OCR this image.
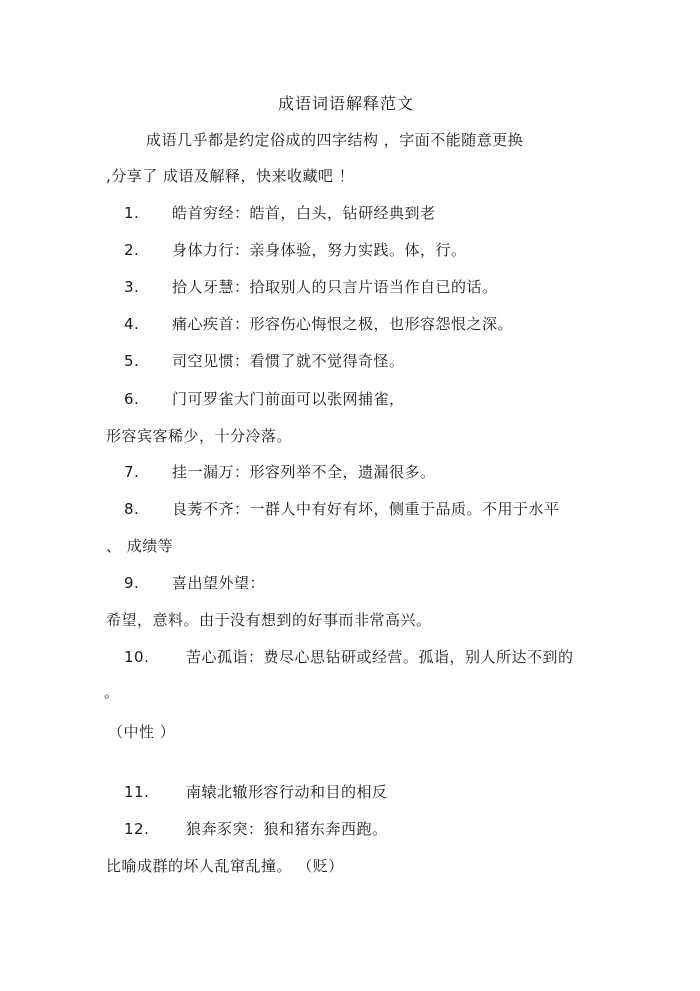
成语词语解释范文
成语几乎都是约定俗成的四字结构 ，字面不能随意更换
,分享了 成语及解释，快来收藏吧 ！
1. 皓首穷经：皓首，白头，钻研经典到老
2. 身体力行：亲身体验，努力实践。体，行。
3. 拾人牙慧：拾取别人的只言片语当作自已的话。
4. 痛心疾首：形容伤心悔恨之极，也形容怨恨之深。
5. 司空见惯：看惯了就不觉得奇怪。
6. 门可罗雀大门前面可以张网捕雀，
形容宾客稀少，十分冷落。
7. 挂一漏万：形容列举不全，遗漏很多。
8. 良莠不齐：一群人中有好有坏，侧重于品质。不用于水平
、 成绩等
9. 喜出望外望：
希望，意料。由于没有想到的好事而非常高兴。
10. 苦心孤诣：费尽心思钻研或经营。孤诣，别人所达不到的
。
（中性 ）
11. 南辕北辙形容行动和目的相反
12. 狼奔豕突：狼和猪东奔西跑。
比喻成群的坏人乱窜乱撞。 （贬）
